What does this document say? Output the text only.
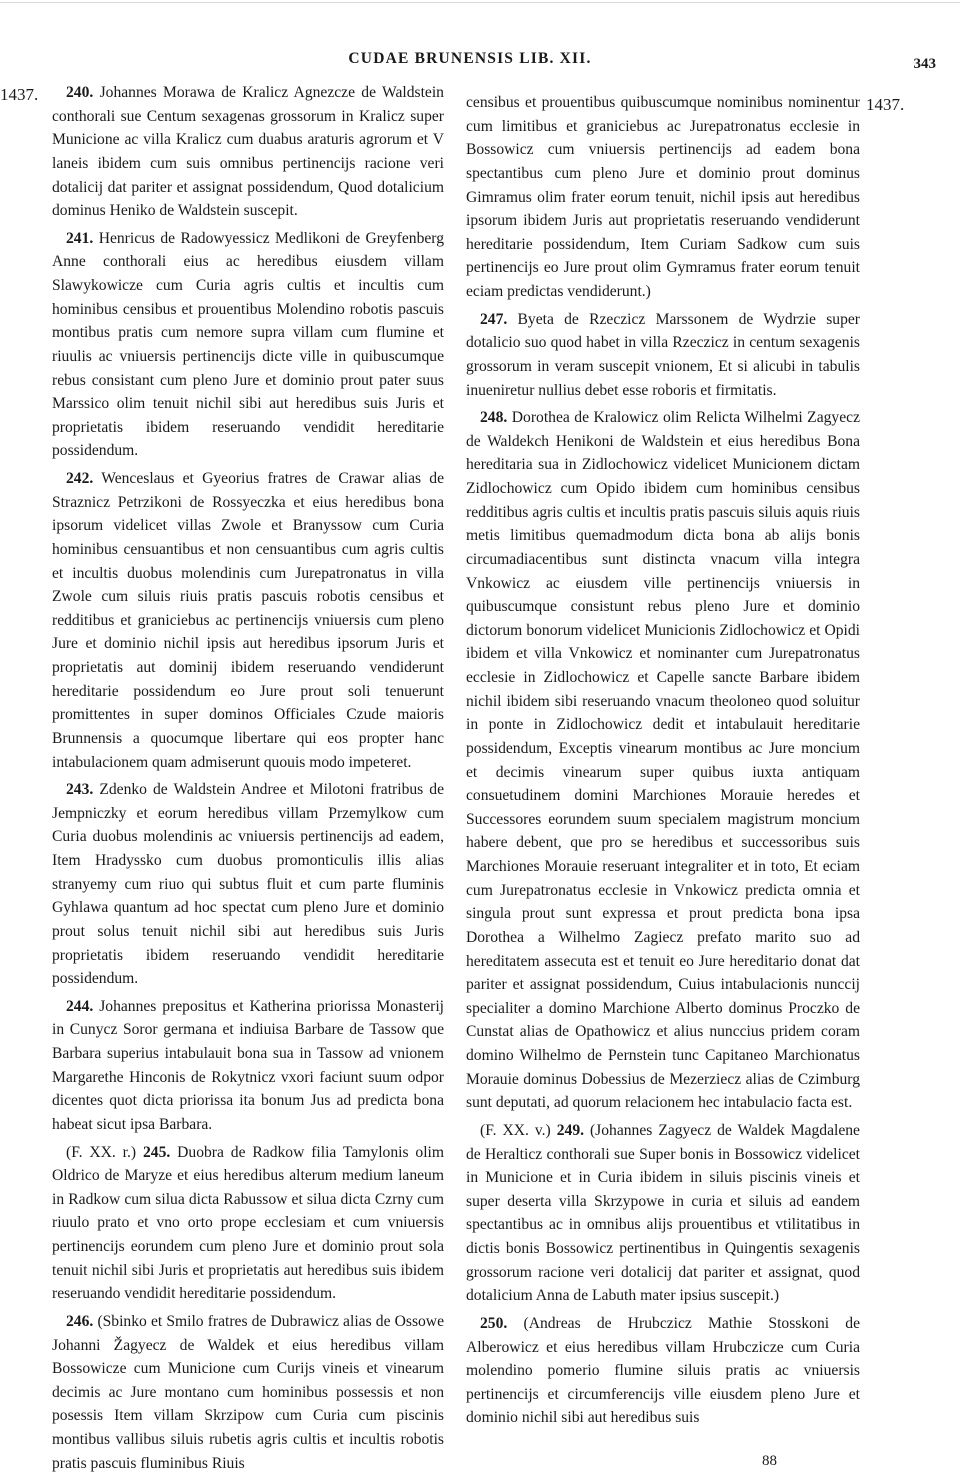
CUDAE BRUNENSIS LIB. XII.	343
1437.
1437.

240. Johannes Morawa de Kralicz Agnezcze de Waldstein conthorali sue Centum sexagenas grossorum in Kralicz super Municione ac villa Kralicz cum duabus araturis agrorum et V laneis ibidem cum suis omnibus pertinencijs racione veri dotalicij dat pariter et assignat possidendum, Quod dotalicium dominus Heniko de Waldstein suscepit.

241. Henricus de Radowyessicz Medlikoni de Greyfenberg Anne conthorali eius ac heredibus eiusdem villam Slawykowicze cum Curia agris cultis et incultis cum hominibus censibus et prouentibus Molendino robotis pascuis montibus pratis cum nemore supra villam cum flumine et riuulis ac vniuersis pertinencijs dicte ville in quibuscumque rebus consistant cum pleno Jure et dominio prout pater suus Marssico olim tenuit nichil sibi aut heredibus suis Juris et proprietatis ibidem reseruando vendidit hereditarie possidendum.

242. Wenceslaus et Gyeorius fratres de Crawar alias de Straznicz Petrzikoni de Rossyeczka et eius heredibus bona ipsorum videlicet villas Zwole et Branyssow cum Curia hominibus censuantibus et non censuantibus cum agris cultis et incultis duobus molendinis cum Jurepatronatus in villa Zwole cum siluis riuis pratis pascuis robotis censibus et redditibus et graniciebus ac pertinencijs vniuersis cum pleno Jure et dominio nichil ipsis aut heredibus ipsorum Juris et proprietatis aut dominij ibidem reseruando vendiderunt hereditarie possidendum eo Jure prout soli tenuerunt promittentes in super dominos Officiales Czude maioris Brunnensis a quocumque libertare qui eos propter hanc intabulacionem quam admiserunt quouis modo impeteret.

243. Zdenko de Waldstein Andree et Milotoni fratribus de Jempniczky et eorum heredibus villam Przemylkow cum Curia duobus molendinis ac vniuersis pertinencijs ad eadem, Item Hradyssko cum duobus promonticulis illis alias stranyemy cum riuo qui subtus fluit et cum parte fluminis Gyhlawa quantum ad hoc spectat cum pleno Jure et dominio prout solus tenuit nichil sibi aut heredibus suis Juris proprietatis ibidem reseruando vendidit hereditarie possidendum.

244. Johannes prepositus et Katherina priorissa Monasterij in Cunycz Soror germana et indiuisa Barbare de Tassow que Barbara superius intabulauit bona sua in Tassow ad vnionem Margarethe Hinconis de Rokytnicz vxori faciunt suum odpor dicentes quot dicta priorissa ita bonum Jus ad predicta bona habeat sicut ipsa Barbara.

(F. XX. r.) 245. Duobra de Radkow filia Tamylonis olim Oldrico de Maryze et eius heredibus alterum medium laneum in Radkow cum silua dicta Rabussow et silua dicta Czrny cum riuulo prato et vno orto prope ecclesiam et cum vniuersis pertinencijs eorundem cum pleno Jure et dominio prout sola tenuit nichil sibi Juris et proprietatis aut heredibus suis ibidem reseruando vendidit hereditarie possidendum.

246. (Sbinko et Smilo fratres de Dubrawicz alias de Ossowe Johanni Žagyecz de Waldek et eius heredibus villam Bossowicze cum Municione cum Curijs vineis et vinearum decimis ac Jure montano cum hominibus possessis et non posessis Item villam Skrzipow cum Curia cum piscinis montibus vallibus siluis rubetis agris cultis et incultis robotis pratis pascuis fluminibus Riuis

censibus et prouentibus quibuscumque nominibus nominentur cum limitibus et graniciebus ac Jurepatronatus ecclesie in Bossowicz cum vniuersis pertinencijs ad eadem bona spectantibus cum pleno Jure et dominio prout dominus Gimramus olim frater eorum tenuit, nichil ipsis aut heredibus ipsorum ibidem Juris aut proprietatis reseruando vendiderunt hereditarie possidendum, Item Curiam Sadkow cum suis pertinencijs eo Jure prout olim Gymramus frater eorum tenuit eciam predictas vendiderunt.)

247. Byeta de Rzeczicz Marssonem de Wydrzie super dotalicio suo quod habet in villa Rzeczicz in centum sexagenis grossorum in veram suscepit vnionem, Et si alicubi in tabulis inueniretur nullius debet esse roboris et firmitatis.

248. Dorothea de Kralowicz olim Relicta Wilhelmi Zagyecz de Waldekch Henikoni de Waldstein et eius heredibus Bona hereditaria sua in Zidlochowicz videlicet Municionem dictam Zidlochowicz cum Opido ibidem cum hominibus censibus redditibus agris cultis et incultis pratis pascuis siluis aquis riuis metis limitibus quemadmodum dicta bona ab alijs bonis circumadiacentibus sunt distincta vnacum villa integra Vnkowicz ac eiusdem ville pertinencijs vniuersis in quibuscumque consistunt rebus pleno Jure et dominio dictorum bonorum videlicet Municionis Zidlochowicz et Opidi ibidem et villa Vnkowicz et nominanter cum Jurepatronatus ecclesie in Zidlochowicz et Capelle sancte Barbare ibidem nichil ibidem sibi reseruando vnacum theoloneo quod soluitur in ponte in Zidlochowicz dedit et intabulauit hereditarie possidendum, Exceptis vinearum montibus ac Jure moncium et decimis vinearum super quibus iuxta antiquam consuetudinem domini Marchiones Morauie heredes et Successores eorundem suum specialem magistrum moncium habere debent, que pro se heredibus et successoribus suis Marchiones Morauie reseruant integraliter et in toto, Et eciam cum Jurepatronatus ecclesie in Vnkowicz predicta omnia et singula prout sunt expressa et prout predicta bona ipsa Dorothea a Wilhelmo Zagiecz prefato marito suo ad hereditatem assecuta est et tenuit eo Jure hereditario donat dat pariter et assignat possidendum, Cuius intabulacionis nunccij specialiter a domino Marchione Alberto dominus Proczko de Cunstat alias de Opathowicz et alius nunccius pridem coram domino Wilhelmo de Pernstein tunc Capitaneo Marchionatus Morauie dominus Dobessius de Mezerziecz alias de Czimburg sunt deputati, ad quorum relacionem hec intabulacio facta est.

(F. XX. v.) 249. (Johannes Zagyecz de Waldek Magdalene de Heralticz conthorali sue Super bonis in Bossowicz videlicet in Municione et in Curia ibidem in siluis piscinis vineis et super deserta villa Skrzypowe in curia et siluis ad eandem spectantibus ac in omnibus alijs prouentibus et vtilitatibus in dictis bonis Bossowicz pertinentibus in Quingentis sexagenis grossorum racione veri dotalicij dat pariter et assignat, quod dotalicium Anna de Labuth mater ipsius suscepit.)

250. (Andreas de Hrubczicz Mathie Stosskoni de Alberowicz et eius heredibus villam Hrubczicze cum Curia molendino pomerio flumine siluis pratis ac vniuersis pertinencijs et circumferencijs ville eiusdem pleno Jure et dominio nichil sibi aut heredibus suis

88
